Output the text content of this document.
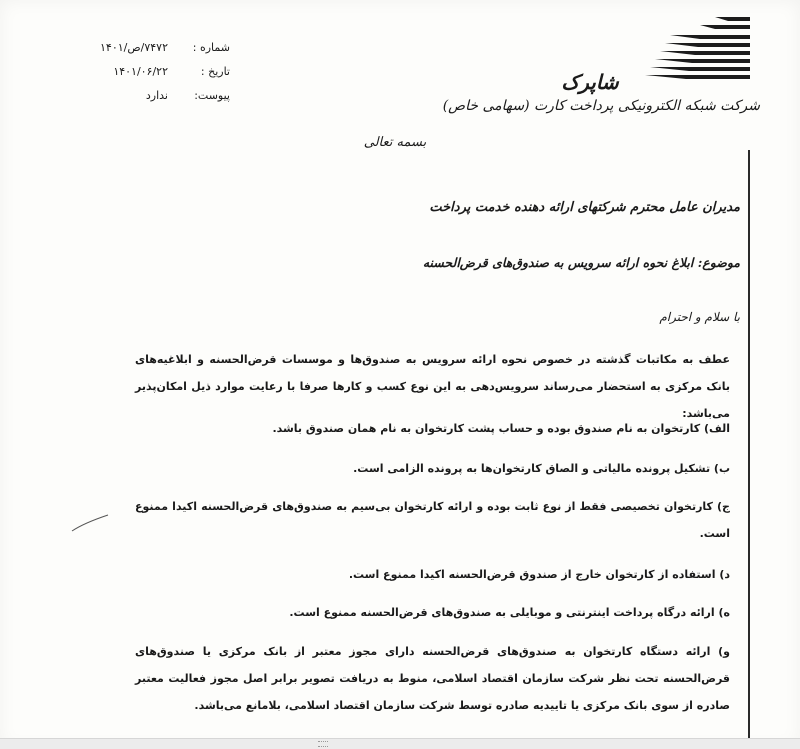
شماره :
۷۴۷۲/ص/۱۴۰۱
تاریخ :
۱۴۰۱/۰۶/۲۲
پیوست:
ندارد
شاپرک
شرکت شبکه الکترونیکی پرداخت کارت (سهامی خاص)
بسمه تعالی
مدیران عامل محترم شرکتهای ارائه دهنده خدمت پرداخت
موضوع: ابلاغ نحوه ارائه سرویس به صندوق‌های قرض‌الحسنه
با سلام و احترام
عطف به مکاتبات گذشته در خصوص نحوه ارائه سرویس به صندوق‌ها و موسسات قرض‌الحسنه و ابلاغیه‌های بانک مرکزی به استحضار می‌رساند سرویس‌دهی به این نوع کسب و کارها صرفا با رعایت موارد ذیل امکان‌پذیر می‌باشد:
الف) کارتخوان به نام صندوق بوده و حساب پشت کارتخوان به نام همان صندوق باشد.
ب) تشکیل پرونده مالیاتی و الصاق کارتخوان‌ها به پرونده الزامی است.
ج) کارتخوان تخصیصی فقط از نوع ثابت بوده و ارائه کارتخوان بی‌سیم به صندوق‌های قرض‌الحسنه اکیدا ممنوع است.
د) استفاده از کارتخوان خارج از صندوق قرض‌الحسنه اکیدا ممنوع است.
ه) ارائه درگاه پرداخت اینترنتی و موبایلی به صندوق‌های قرض‌الحسنه ممنوع است.
و) ارائه دستگاه کارتخوان به صندوق‌های قرض‌الحسنه دارای مجوز معتبر از بانک مرکزی یا صندوق‌های قرض‌الحسنه تحت نظر شرکت سازمان اقتصاد اسلامی، منوط به دریافت تصویر برابر اصل مجوز فعالیت معتبر صادره از سوی بانک مرکزی یا تاییدیه صادره توسط شرکت سازمان اقتصاد اسلامی، بلامانع می‌باشد.
